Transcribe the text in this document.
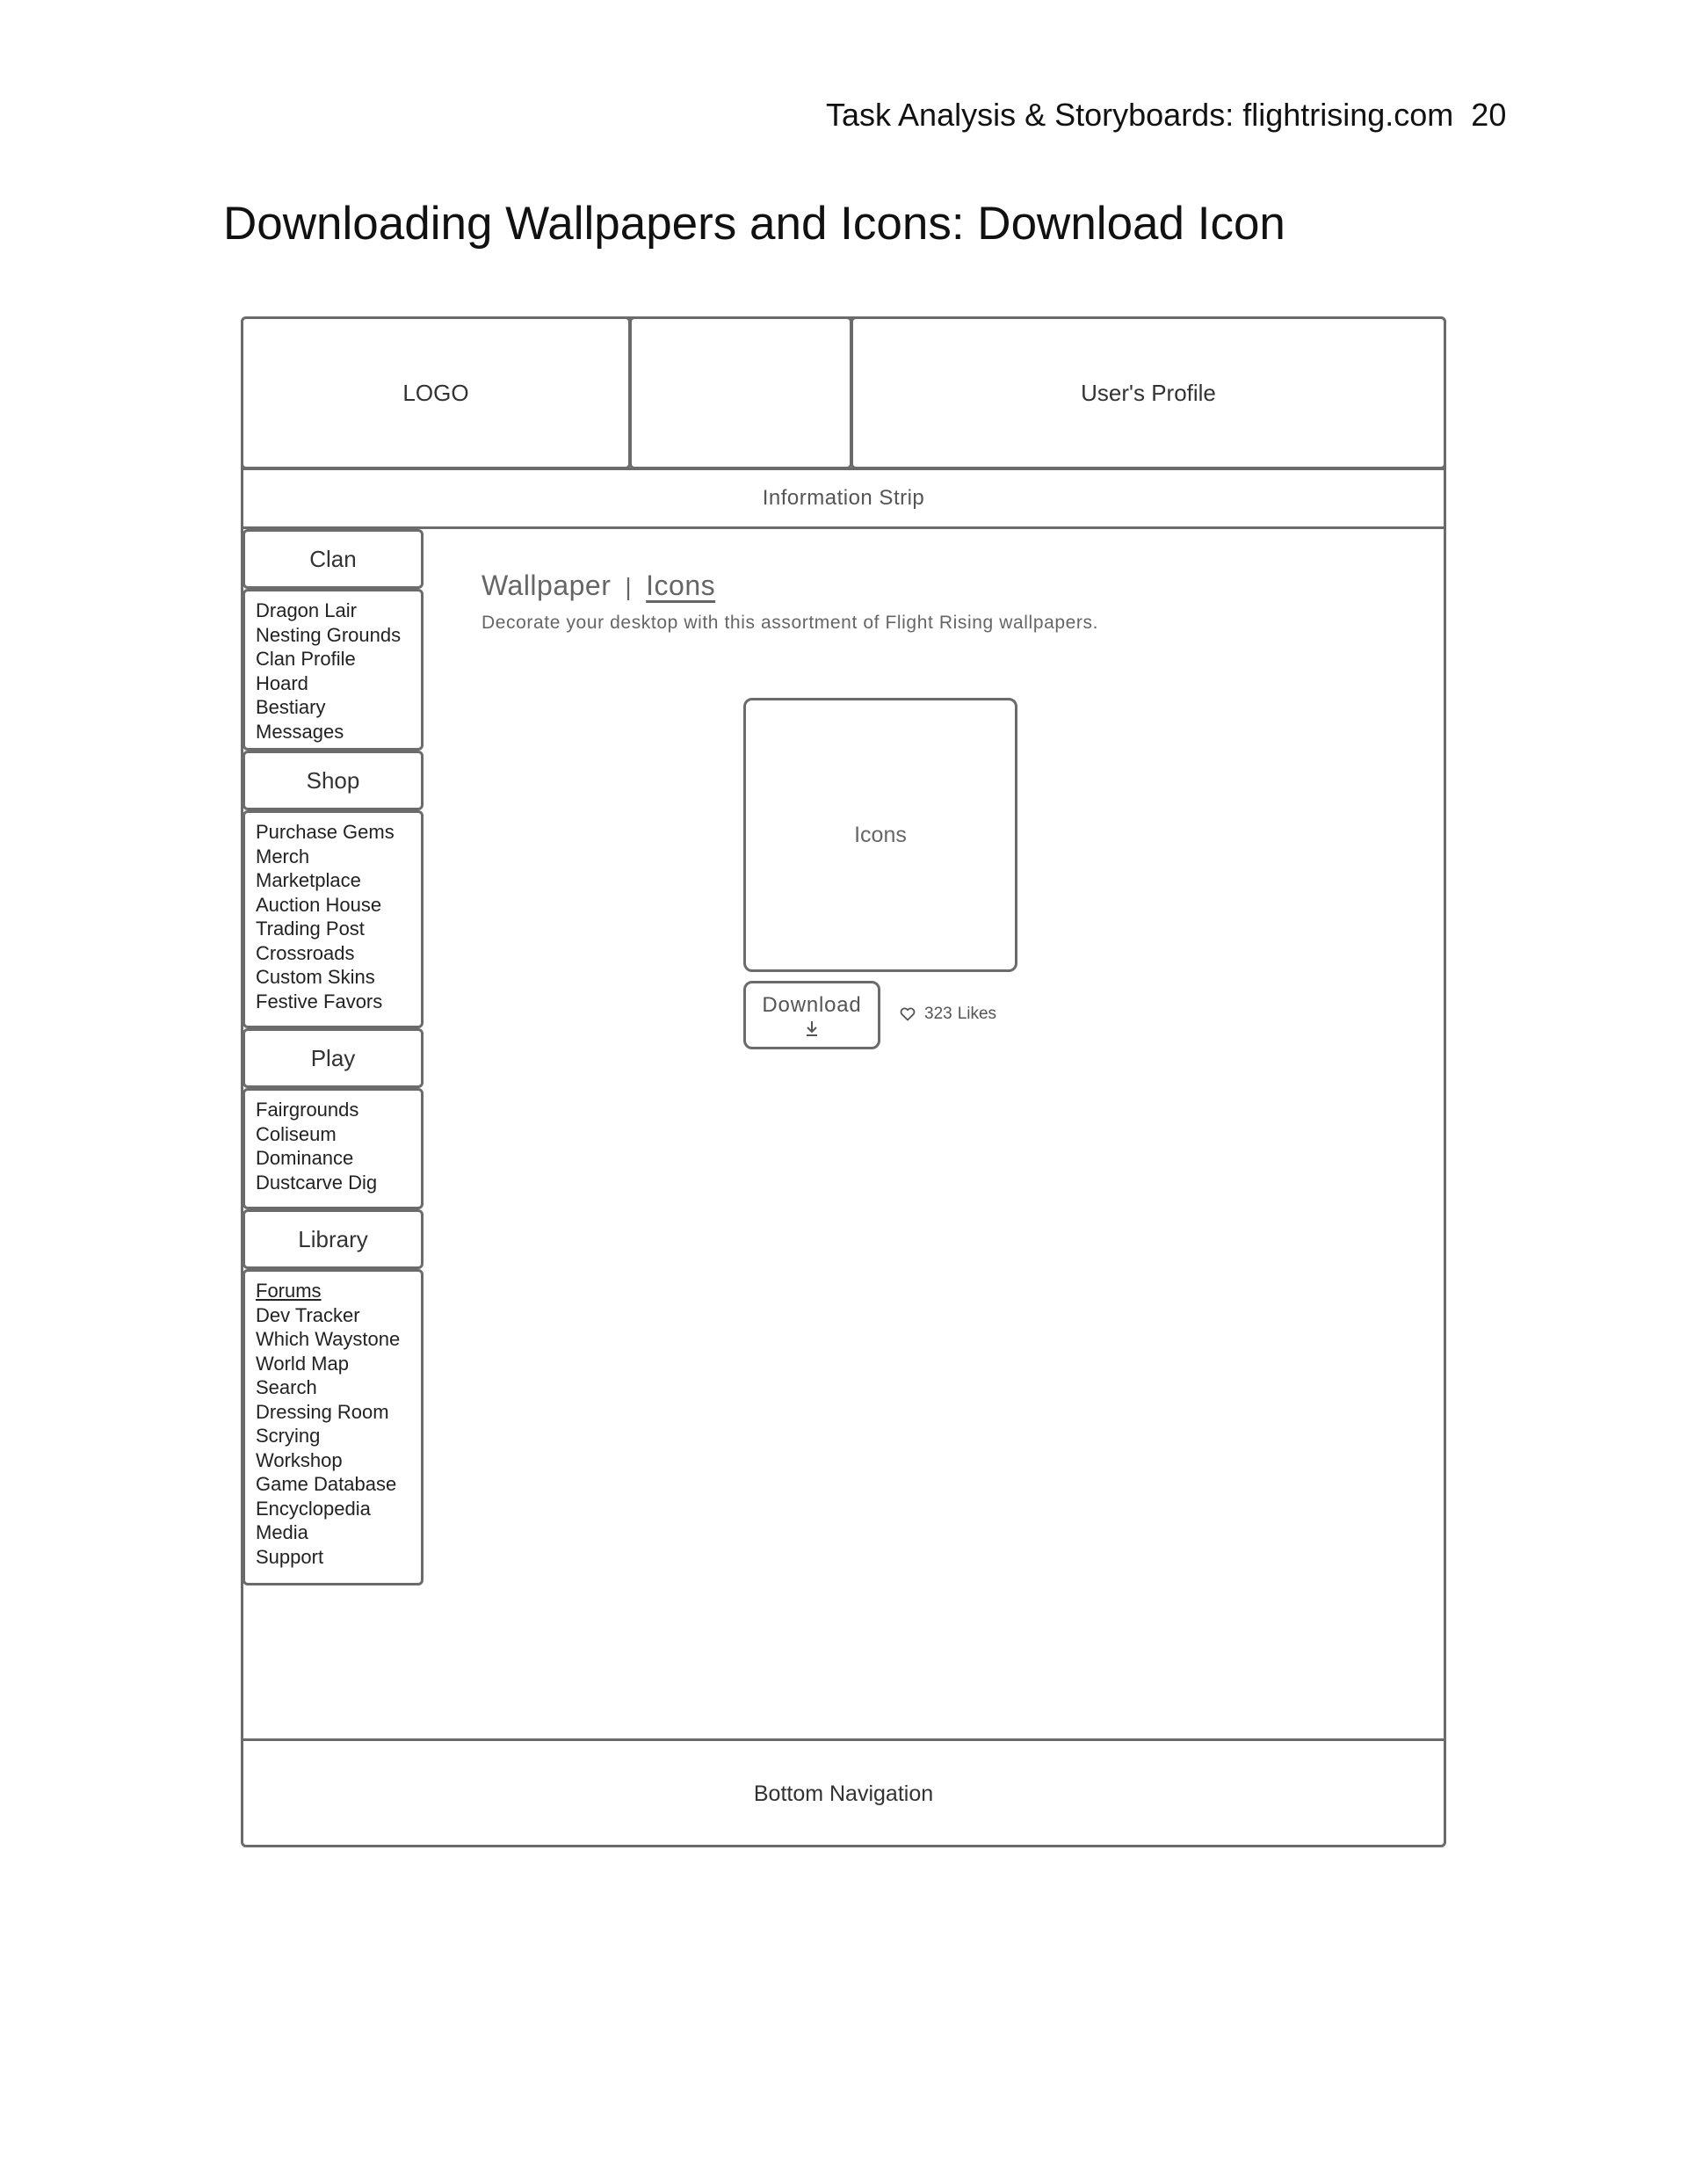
Task Analysis & Storyboards: flightrising.com 20
Downloading Wallpapers and Icons: Download Icon
LOGO	User's Profile
Information Strip
Clan
Dragon Lair
Nesting Grounds
Clan Profile
Hoard
Bestiary
Messages
Shop
Purchase Gems
Merch
Marketplace
Auction House
Trading Post
Crossroads
Custom Skins
Festive Favors
Play
Fairgrounds
Coliseum
Dominance
Dustcarve Dig
Library
Forums
Dev Tracker
Which Waystone
World Map
Search
Dressing Room
Scrying
Workshop
Game Database
Encyclopedia
Media
Support
Wallpaper | Icons
Decorate your desktop with this assortment of Flight Rising wallpapers.
Icons
Download	323 Likes
Bottom Navigation
